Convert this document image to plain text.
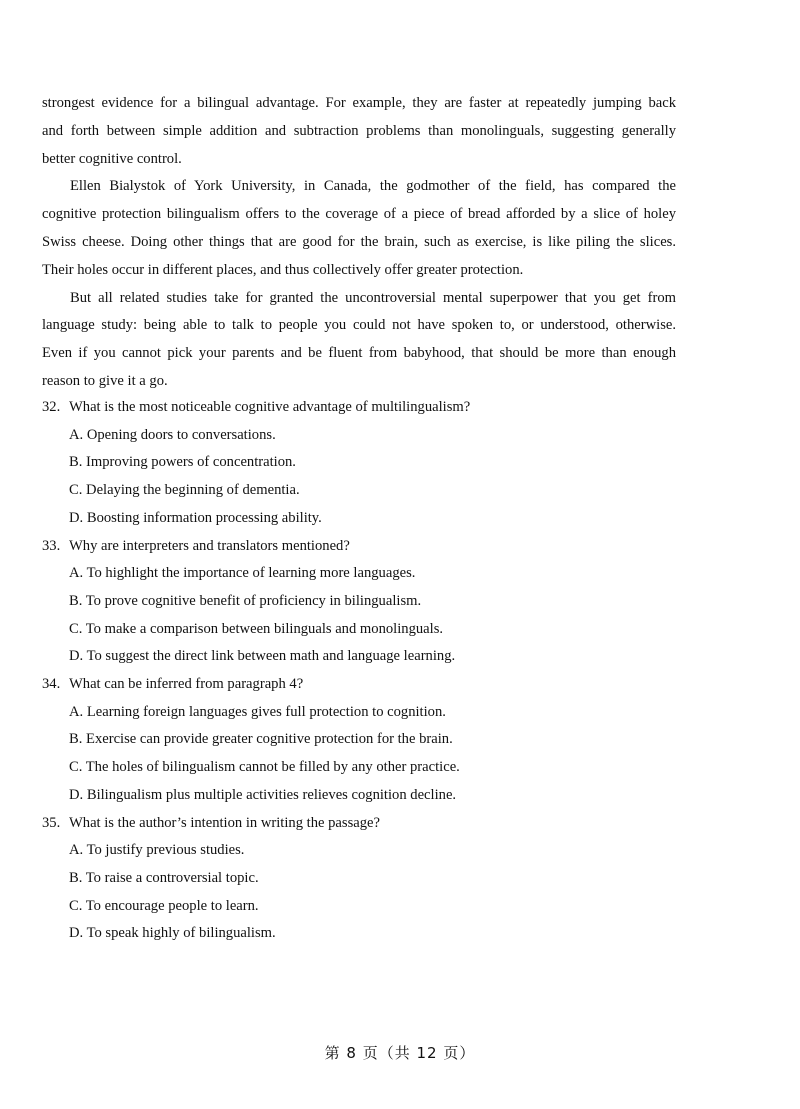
strongest evidence for a bilingual advantage. For example, they are faster at repeatedly jumping back
and forth between simple addition and subtraction problems than monolinguals, suggesting generally
better cognitive control.

Ellen Bialystok of York University, in Canada, the godmother of the field, has compared the
cognitive protection bilingualism offers to the coverage of a piece of bread afforded by a slice of holey
Swiss cheese. Doing other things that are good for the brain, such as exercise, is like piling the slices.
Their holes occur in different places, and thus collectively offer greater protection.

But all related studies take for granted the uncontroversial mental superpower that you get from
language study: being able to talk to people you could not have spoken to, or understood, otherwise.
Even if you cannot pick your parents and be fluent from babyhood, that should be more than enough
reason to give it a go.

32. What is the most noticeable cognitive advantage of multilingualism?
A. Opening doors to conversations.
B. Improving powers of concentration.
C. Delaying the beginning of dementia.
D. Boosting information processing ability.
33. Why are interpreters and translators mentioned?
A. To highlight the importance of learning more languages.
B. To prove cognitive benefit of proficiency in bilingualism.
C. To make a comparison between bilinguals and monolinguals.
D. To suggest the direct link between math and language learning.
34. What can be inferred from paragraph 4?
A. Learning foreign languages gives full protection to cognition.
B. Exercise can provide greater cognitive protection for the brain.
C. The holes of bilingualism cannot be filled by any other practice.
D. Bilingualism plus multiple activities relieves cognition decline.
35. What is the author’s intention in writing the passage?
A. To justify previous studies.
B. To raise a controversial topic.
C. To encourage people to learn.
D. To speak highly of bilingualism.
第 8 页（共 12 页）
